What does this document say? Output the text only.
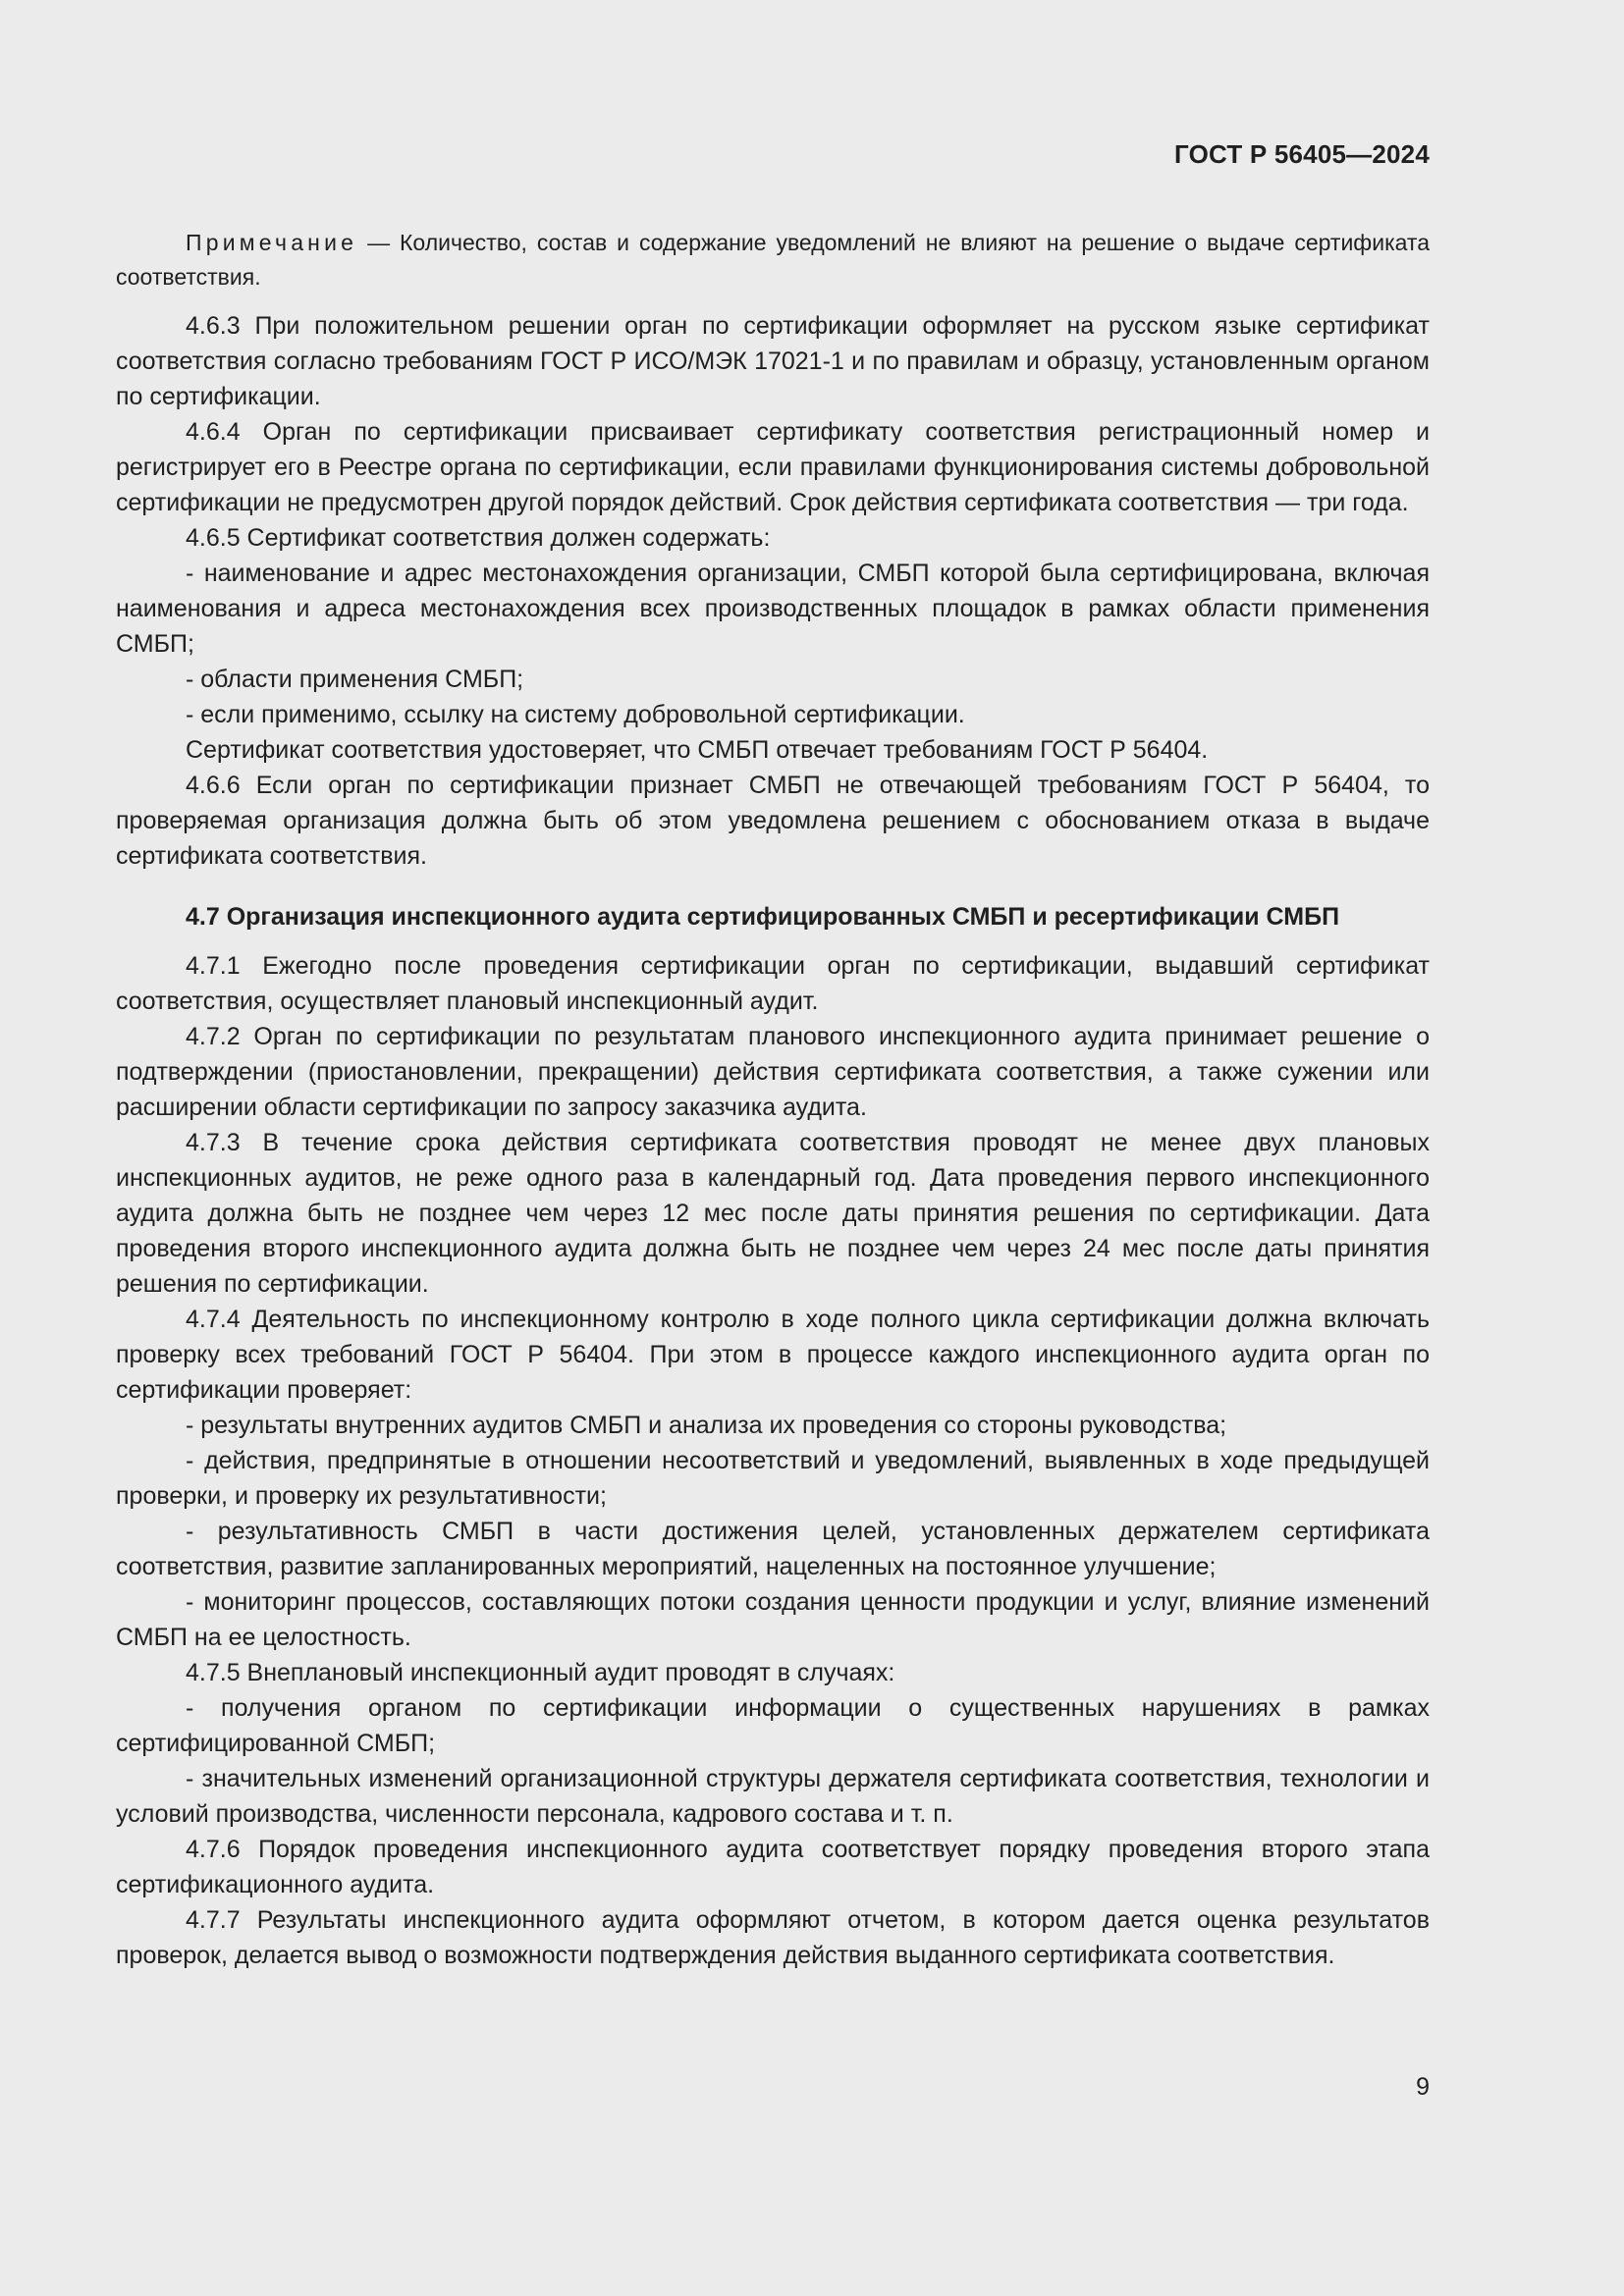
ГОСТ Р 56405—2024

Примечание — Количество, состав и содержание уведомлений не влияют на решение о выдаче сертификата соответствия.

4.6.3 При положительном решении орган по сертификации оформляет на русском языке сертификат соответствия согласно требованиям ГОСТ Р ИСО/МЭК 17021-1 и по правилам и образцу, установленным органом по сертификации.

4.6.4 Орган по сертификации присваивает сертификату соответствия регистрационный номер и регистрирует его в Реестре органа по сертификации, если правилами функционирования системы добровольной сертификации не предусмотрен другой порядок действий. Срок действия сертификата соответствия — три года.

4.6.5 Сертификат соответствия должен содержать:

- наименование и адрес местонахождения организации, СМБП которой была сертифицирована, включая наименования и адреса местонахождения всех производственных площадок в рамках области применения СМБП;

- области применения СМБП;

- если применимо, ссылку на систему добровольной сертификации.

Сертификат соответствия удостоверяет, что СМБП отвечает требованиям ГОСТ Р 56404.

4.6.6 Если орган по сертификации признает СМБП не отвечающей требованиям ГОСТ Р 56404, то проверяемая организация должна быть об этом уведомлена решением с обоснованием отказа в выдаче сертификата соответствия.

4.7 Организация инспекционного аудита сертифицированных СМБП и ресертификации СМБП

4.7.1 Ежегодно после проведения сертификации орган по сертификации, выдавший сертификат соответствия, осуществляет плановый инспекционный аудит.

4.7.2 Орган по сертификации по результатам планового инспекционного аудита принимает решение о подтверждении (приостановлении, прекращении) действия сертификата соответствия, а также сужении или расширении области сертификации по запросу заказчика аудита.

4.7.3 В течение срока действия сертификата соответствия проводят не менее двух плановых инспекционных аудитов, не реже одного раза в календарный год. Дата проведения первого инспекционного аудита должна быть не позднее чем через 12 мес после даты принятия решения по сертификации. Дата проведения второго инспекционного аудита должна быть не позднее чем через 24 мес после даты принятия решения по сертификации.

4.7.4 Деятельность по инспекционному контролю в ходе полного цикла сертификации должна включать проверку всех требований ГОСТ Р 56404. При этом в процессе каждого инспекционного аудита орган по сертификации проверяет:

- результаты внутренних аудитов СМБП и анализа их проведения со стороны руководства;

- действия, предпринятые в отношении несоответствий и уведомлений, выявленных в ходе предыдущей проверки, и проверку их результативности;

- результативность СМБП в части достижения целей, установленных держателем сертификата соответствия, развитие запланированных мероприятий, нацеленных на постоянное улучшение;

- мониторинг процессов, составляющих потоки создания ценности продукции и услуг, влияние изменений СМБП на ее целостность.

4.7.5 Внеплановый инспекционный аудит проводят в случаях:

- получения органом по сертификации информации о существенных нарушениях в рамках сертифицированной СМБП;

- значительных изменений организационной структуры держателя сертификата соответствия, технологии и условий производства, численности персонала, кадрового состава и т. п.

4.7.6 Порядок проведения инспекционного аудита соответствует порядку проведения второго этапа сертификационного аудита.

4.7.7 Результаты инспекционного аудита оформляют отчетом, в котором дается оценка результатов проверок, делается вывод о возможности подтверждения действия выданного сертификата соответствия.

9
